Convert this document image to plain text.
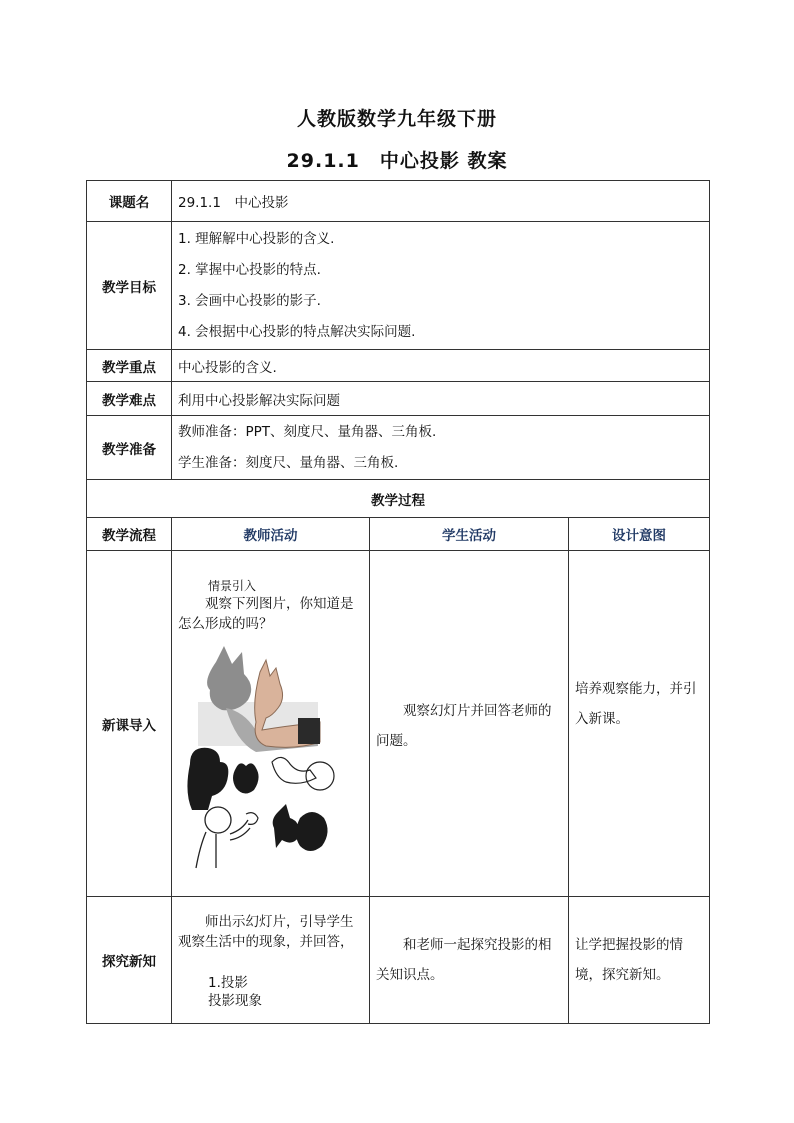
人教版数学九年级下册
29.1.1　中心投影 教案
课题名	29.1.1　中心投影		
教学目标	1. 理解解中心投影的含义.
2. 掌握中心投影的特点.
3. 会画中心投影的影子.
4. 会根据中心投影的特点解决实际问题.		

教学重点	中心投影的含义.		
教学难点	利用中心投影解决实际问题		
教学准备	教师准备：PPT、刻度尺、量角器、三角板.
学生准备：刻度尺、量角器、三角板.		

教学过程			
教学流程	教师活动	学生活动	设计意图
新课导入	情景引入
观察下列图片，你知道是怎么形成的吗？	观察幻灯片并回答老师的问题。	培养观察能力，并引入新课。

探究新知	师出示幻灯片，引导学生观察生活中的现象，并回答，
1.投影
投影现象	和老师一起探究投影的相关知识点。	让学把握投影的情境，探究新知。
